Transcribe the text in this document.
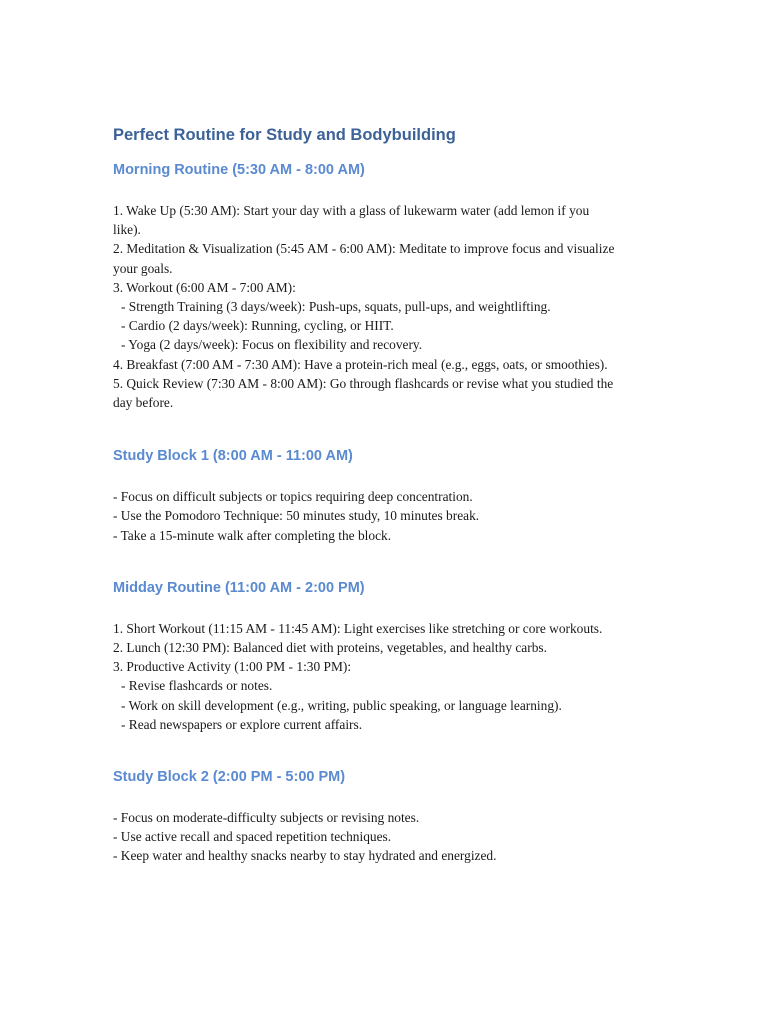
Perfect Routine for Study and Bodybuilding
Morning Routine (5:30 AM - 8:00 AM)

1. Wake Up (5:30 AM): Start your day with a glass of lukewarm water (add lemon if you

like).

2. Meditation & Visualization (5:45 AM - 6:00 AM): Meditate to improve focus and visualize

your goals.

3. Workout (6:00 AM - 7:00 AM):

- Strength Training (3 days/week): Push-ups, squats, pull-ups, and weightlifting.

- Cardio (2 days/week): Running, cycling, or HIIT.

- Yoga (2 days/week): Focus on flexibility and recovery.

4. Breakfast (7:00 AM - 7:30 AM): Have a protein-rich meal (e.g., eggs, oats, or smoothies).

5. Quick Review (7:30 AM - 8:00 AM): Go through flashcards or revise what you studied the

day before.

Study Block 1 (8:00 AM - 11:00 AM)

- Focus on difficult subjects or topics requiring deep concentration.

- Use the Pomodoro Technique: 50 minutes study, 10 minutes break.

- Take a 15-minute walk after completing the block.

Midday Routine (11:00 AM - 2:00 PM)

1. Short Workout (11:15 AM - 11:45 AM): Light exercises like stretching or core workouts.

2. Lunch (12:30 PM): Balanced diet with proteins, vegetables, and healthy carbs.

3. Productive Activity (1:00 PM - 1:30 PM):

- Revise flashcards or notes.

- Work on skill development (e.g., writing, public speaking, or language learning).

- Read newspapers or explore current affairs.

Study Block 2 (2:00 PM - 5:00 PM)

- Focus on moderate-difficulty subjects or revising notes.

- Use active recall and spaced repetition techniques.

- Keep water and healthy snacks nearby to stay hydrated and energized.
